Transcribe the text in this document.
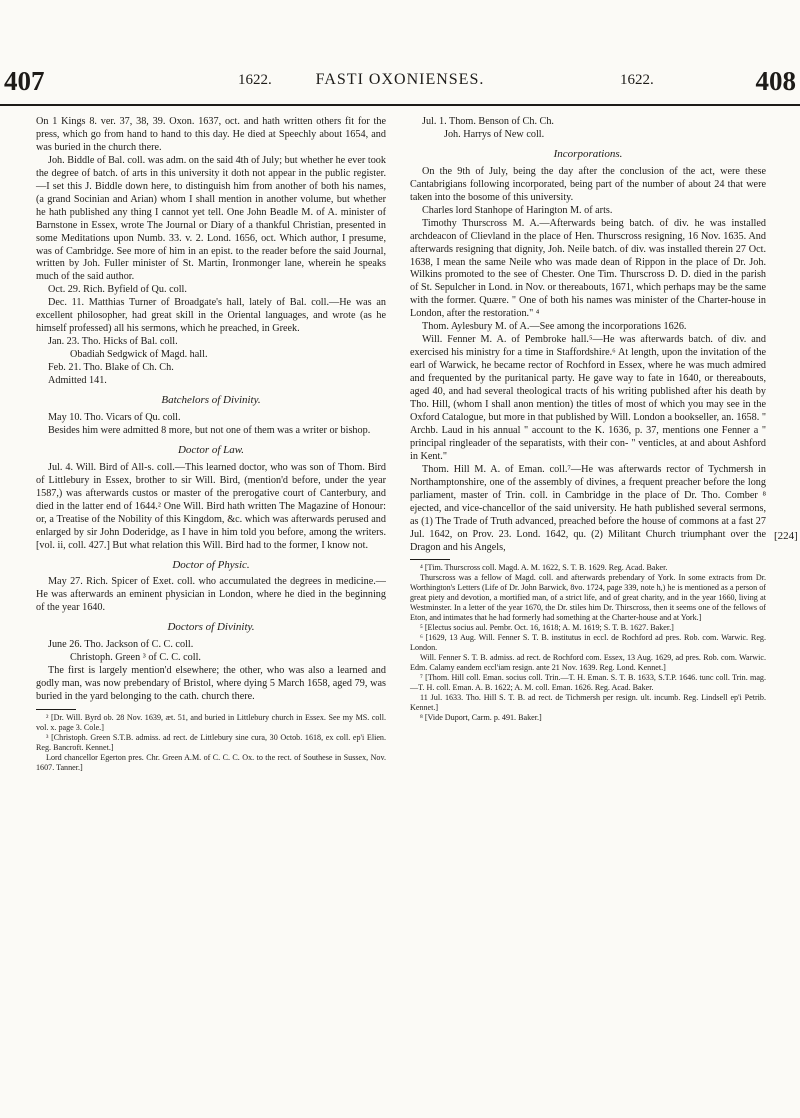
407	1622.	FASTI OXONIENSES.	1622.	408
[224]

On 1 Kings 8. ver. 37, 38, 39. Oxon. 1637, oct. and hath written others fit for the press, which go from hand to hand to this day. He died at Speechly about 1654, and was buried in the church there.

Joh. Biddle of Bal. coll. was adm. on the said 4th of July; but whether he ever took the degree of batch. of arts in this university it doth not appear in the public register.—I set this J. Biddle down here, to distinguish him from another of both his names, (a grand Socinian and Arian) whom I shall mention in another volume, but whether he hath published any thing I cannot yet tell. One John Beadle M. of A. minister of Barnstone in Essex, wrote The Journal or Diary of a thankful Christian, presented in some Meditations upon Numb. 33. v. 2. Lond. 1656, oct. Which author, I presume, was of Cambridge. See more of him in an epist. to the reader before the said Journal, written by Joh. Fuller minister of St. Martin, Ironmonger lane, wherein he speaks much of the said author.

Oct. 29. Rich. Byfield of Qu. coll.

Dec. 11. Matthias Turner of Broadgate's hall, lately of Bal. coll.—He was an excellent philosopher, had great skill in the Oriental languages, and wrote (as he himself professed) all his sermons, which he preached, in Greek.

Jan. 23. Tho. Hicks of Bal. coll.

Obadiah Sedgwick of Magd. hall.

Feb. 21. Tho. Blake of Ch. Ch.

Admitted 141.

Batchelors of Divinity.

May 10. Tho. Vicars of Qu. coll.

Besides him were admitted 8 more, but not one of them was a writer or bishop.

Doctor of Law.

Jul. 4. Will. Bird of All-s. coll.—This learned doctor, who was son of Thom. Bird of Littlebury in Essex, brother to sir Will. Bird, (mention'd before, under the year 1587,) was afterwards custos or master of the prerogative court of Canterbury, and died in the latter end of 1644.² One Will. Bird hath written The Magazine of Honour: or, a Treatise of the Nobility of this Kingdom, &c. which was afterwards perused and enlarged by sir John Doderidge, as I have in him told you before, among the writers. [vol. ii, coll. 427.] But what relation this Will. Bird had to the former, I know not.

Doctor of Physic.

May 27. Rich. Spicer of Exet. coll. who accumulated the degrees in medicine.—He was afterwards an eminent physician in London, where he died in the beginning of the year 1640.

Doctors of Divinity.

June 26. Tho. Jackson of C. C. coll.

Christoph. Green ³ of C. C. coll.

The first is largely mention'd elsewhere; the other, who was also a learned and godly man, was now prebendary of Bristol, where dying 5 March 1658, aged 79, was buried in the yard belonging to the cath. church there.

² [Dr. Will. Byrd ob. 28 Nov. 1639, æt. 51, and buried in Littlebury church in Essex. See my MS. coll. vol. x. page 3. Cole.]

³ [Christoph. Green S.T.B. admiss. ad rect. de Littlebury sine cura, 30 Octob. 1618, ex coll. ep'i Elien. Reg. Bancroft. Kennet.]

Lord chancellor Egerton pres. Chr. Green A.M. of C. C. C. Ox. to the rect. of Southese in Sussex, Nov. 1607. Tanner.]

Jul. 1. Thom. Benson of Ch. Ch.

Joh. Harrys of New coll.

Incorporations.

On the 9th of July, being the day after the conclusion of the act, were these Cantabrigians following incorporated, being part of the number of about 24 that were taken into the bosome of this university.

Charles lord Stanhope of Harington M. of arts.

Timothy Thurscross M. A.—Afterwards being batch. of div. he was installed archdeacon of Clievland in the place of Hen. Thurscross resigning, 16 Nov. 1635. And afterwards resigning that dignity, Joh. Neile batch. of div. was installed therein 27 Oct. 1638, I mean the same Neile who was made dean of Rippon in the place of Dr. Joh. Wilkins promoted to the see of Chester. One Tim. Thurscross D. D. died in the parish of St. Sepulcher in Lond. in Nov. or thereabouts, 1671, which perhaps may be the same with the former. Quære. " One of both his names was minister of the Charter-house in London, after the restoration." ⁴

Thom. Aylesbury M. of A.—See among the incorporations 1626.

Will. Fenner M. A. of Pembroke hall.⁵—He was afterwards batch. of div. and exercised his ministry for a time in Staffordshire.⁶ At length, upon the invitation of the earl of Warwick, he became rector of Rochford in Essex, where he was much admired and frequented by the puritanical party. He gave way to fate in 1640, or thereabouts, aged 40, and had several theological tracts of his writing published after his death by Tho. Hill, (whom I shall anon mention) the titles of most of which you may see in the Oxford Catalogue, but more in that published by Will. London a bookseller, an. 1658. " Archb. Laud in his annual " account to the K. 1636, p. 37, mentions one Fenner a " principal ringleader of the separatists, with their con- " venticles, at and about Ashford in Kent."

Thom. Hill M. A. of Eman. coll.⁷—He was afterwards rector of Tychmersh in Northamptonshire, one of the assembly of divines, a frequent preacher before the long parliament, master of Trin. coll. in Cambridge in the place of Dr. Tho. Comber ⁸ ejected, and vice-chancellor of the said university. He hath published several sermons, as (1) The Trade of Truth advanced, preached before the house of commons at a fast 27 Jul. 1642, on Prov. 23. Lond. 1642, qu. (2) Militant Church triumphant over the Dragon and his Angels,

⁴ [Tim. Thurscross coll. Magd. A. M. 1622, S. T. B. 1629. Reg. Acad. Baker.

Thurscross was a fellow of Magd. coll. and afterwards prebendary of York. In some extracts from Dr. Worthington's Letters (Life of Dr. John Barwick, 8vo. 1724, page 339, note h,) he is mentioned as a person of great piety and devotion, a mortified man, of a strict life, and of great charity, and in the year 1660, living at Westminster. In a letter of the year 1670, the Dr. stiles him Dr. Thirscross, then it seems one of the fellows of Eton, and intimates that he had formerly had something at the Charter-house and at York.]

⁵ [Electus socius aul. Pembr. Oct. 16, 1618; A. M. 1619; S. T. B. 1627. Baker.]

⁶ [1629, 13 Aug. Will. Fenner S. T. B. institutus in eccl. de Rochford ad pres. Rob. com. Warwic. Reg. London.

Will. Fenner S. T. B. admiss. ad rect. de Rochford com. Essex, 13 Aug. 1629, ad pres. Rob. com. Warwic. Edm. Calamy eandem eccl'iam resign. ante 21 Nov. 1639. Reg. Lond. Kennet.]

⁷ [Thom. Hill coll. Eman. socius coll. Trin.—T. H. Eman. S. T. B. 1633, S.T.P. 1646. tunc coll. Trin. mag.—T. H. coll. Eman. A. B. 1622; A. M. coll. Eman. 1626. Reg. Acad. Baker.

11 Jul. 1633. Tho. Hill S. T. B. ad rect. de Tichmersh per resign. ult. incumb. Reg. Lindsell ep'i Petrib. Kennet.]

⁸ [Vide Duport, Carm. p. 491. Baker.]
